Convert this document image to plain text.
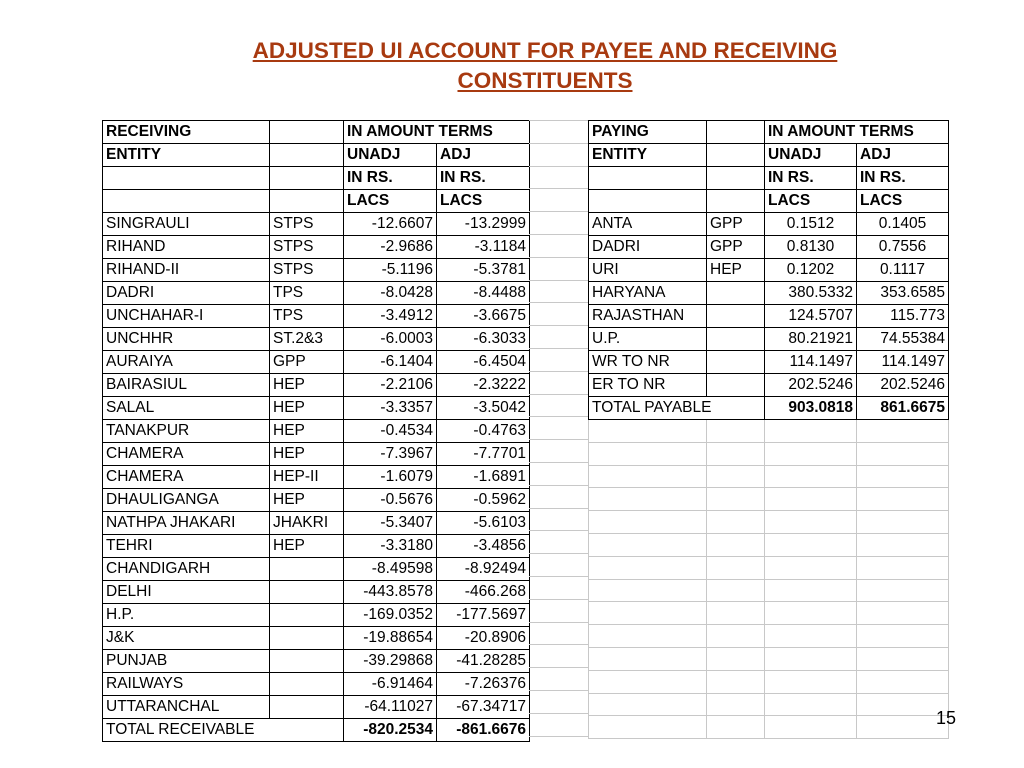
ADJUSTED UI ACCOUNT FOR PAYEE AND RECEIVING
CONSTITUENTS
RECEIVING		IN AMOUNT TERMS	
ENTITY		UNADJ	ADJ
		IN RS.	IN RS.
		LACS	LACS
SINGRAULI	STPS	-12.6607	-13.2999
RIHAND	STPS	-2.9686	-3.1184
RIHAND-II	STPS	-5.1196	-5.3781
DADRI	TPS	-8.0428	-8.4488
UNCHAHAR-I	TPS	-3.4912	-3.6675
UNCHHR	ST.2&3	-6.0003	-6.3033
AURAIYA	GPP	-6.1404	-6.4504
BAIRASIUL	HEP	-2.2106	-2.3222
SALAL	HEP	-3.3357	-3.5042
TANAKPUR	HEP	-0.4534	-0.4763
CHAMERA	HEP	-7.3967	-7.7701
CHAMERA	HEP-II	-1.6079	-1.6891
DHAULIGANGA	HEP	-0.5676	-0.5962
NATHPA JHAKARI	JHAKRI	-5.3407	-5.6103
TEHRI	HEP	-3.3180	-3.4856
CHANDIGARH		-8.49598	-8.92494
DELHI		-443.8578	-466.268
H.P.		-169.0352	-177.5697
J&K		-19.88654	-20.8906
PUNJAB		-39.29868	-41.28285
RAILWAYS		-6.91464	-7.26376
UTTARANCHAL		-64.11027	-67.34717
TOTAL RECEIVABLE		-820.2534	-861.6676
PAYING		IN AMOUNT TERMS	
ENTITY		UNADJ	ADJ
		IN RS.	IN RS.
		LACS	LACS
ANTA	GPP	0.1512	0.1405
DADRI	GPP	0.8130	0.7556
URI	HEP	0.1202	0.1117
HARYANA		380.5332	353.6585
RAJASTHAN		124.5707	115.773
U.P.		80.21921	74.55384
WR TO NR		114.1497	114.1497
ER TO NR		202.5246	202.5246
TOTAL PAYABLE		903.0818	861.6675

15
